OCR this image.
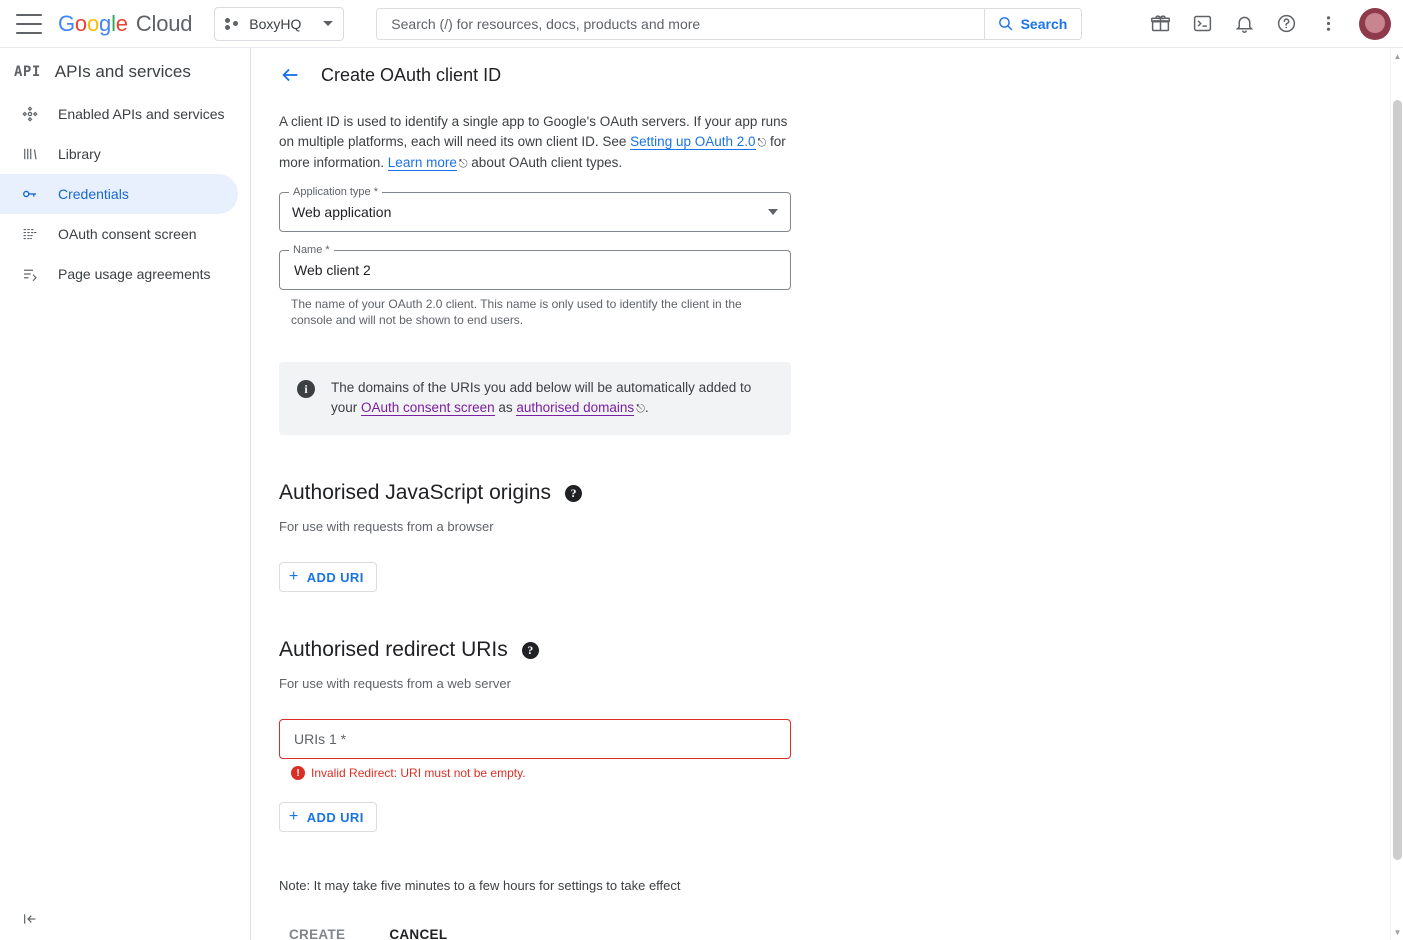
Google Cloud	BoxyHQ
Search (/) for resources, docs, products and more	Search
API APIs and services
Enabled APIs and services
Library
Credentials
OAuth consent screen
Page usage agreements
Create OAuth client ID
A client ID is used to identify a single app to Google's OAuth servers. If your app runs on multiple platforms, each will need its own client ID. See Setting up OAuth 2.0 ⎋ for more information. Learn more ⎋ about OAuth client types.
Application type *
Web application
Name *
Web client 2
The name of your OAuth 2.0 client. This name is only used to identify the client in the console and will not be shown to end users.
i	The domains of the URIs you add below will be automatically added to your OAuth consent screen as authorised domains ⎋.
Authorised JavaScript origins	?
For use with requests from a browser
+ ADD URI
Authorised redirect URIs	?
For use with requests from a web server
URIs 1 *
! Invalid Redirect: URI must not be empty.
+ ADD URI
Note: It may take five minutes to a few hours for settings to take effect
CREATE	CANCEL
▲
▼
